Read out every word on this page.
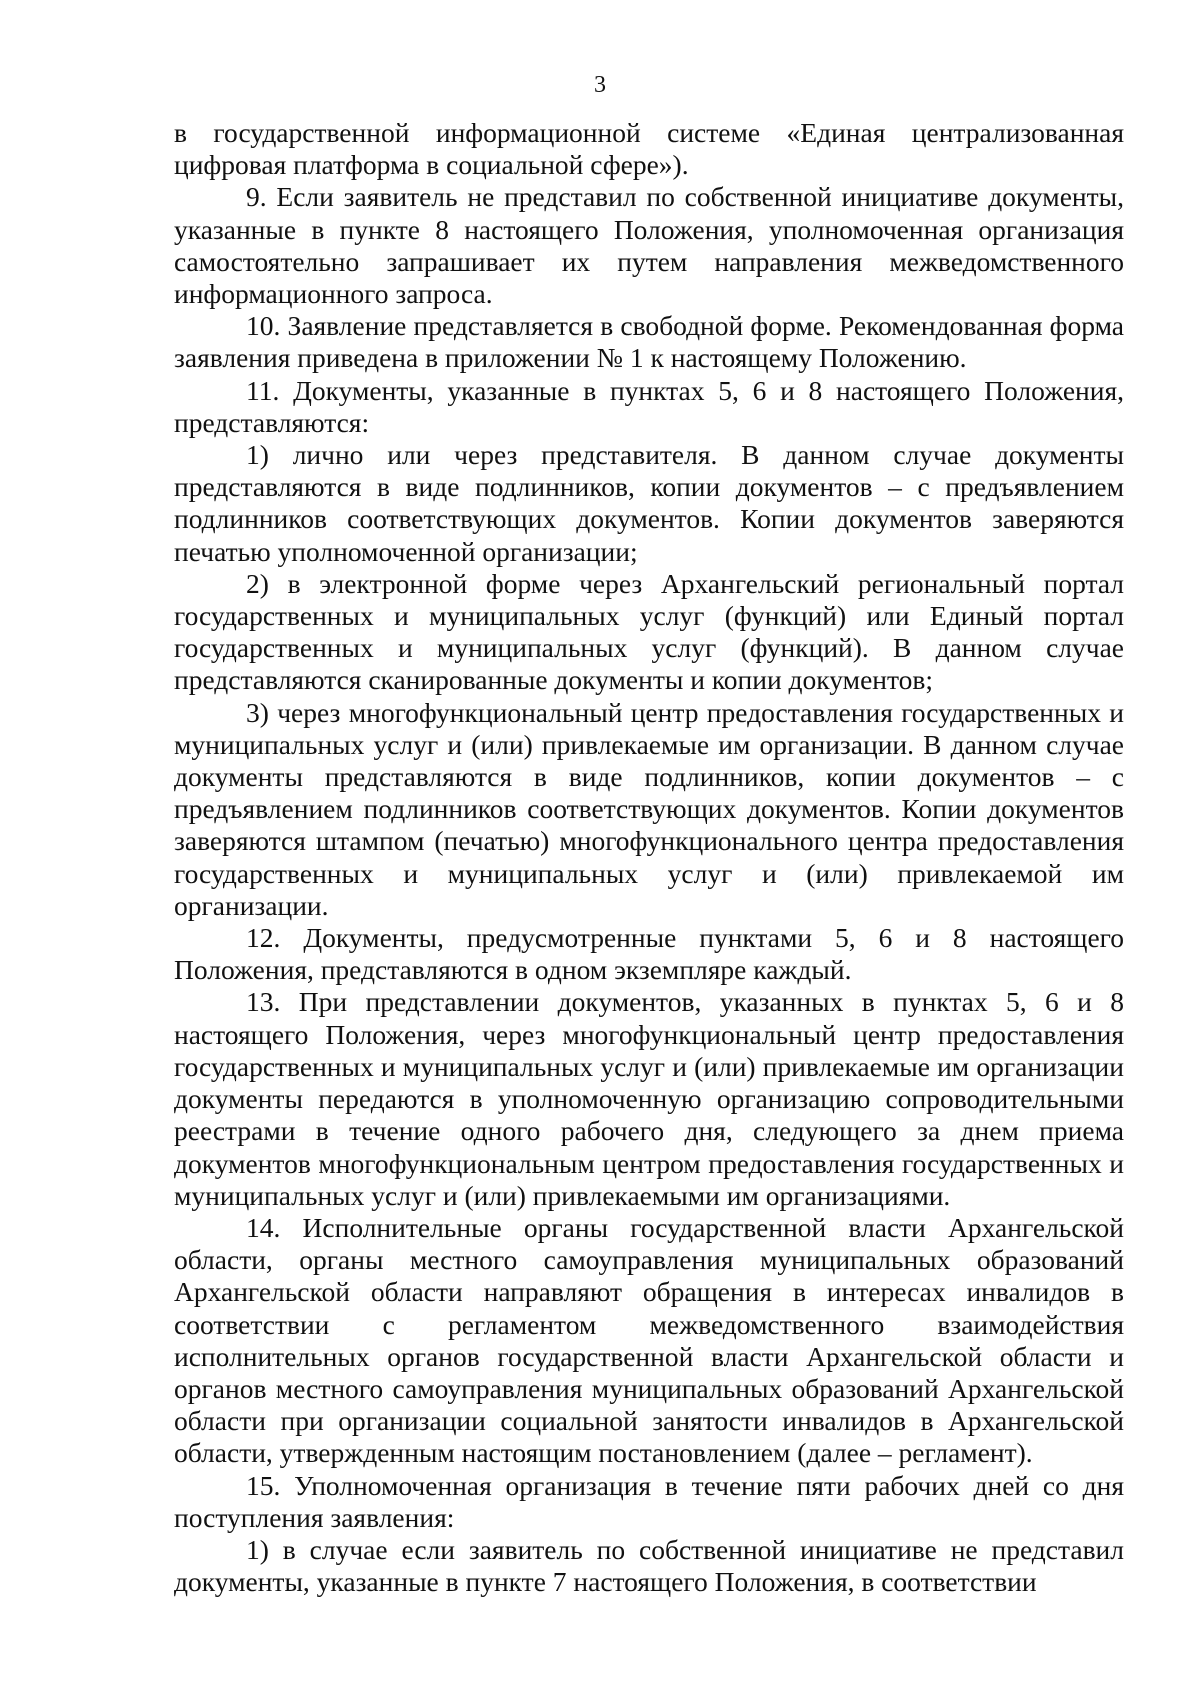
3

в государственной информационной системе «Единая централизованная цифровая платформа в социальной сфере»).

9. Если заявитель не представил по собственной инициативе документы, указанные в пункте 8 настоящего Положения, уполномоченная организация самостоятельно запрашивает их путем направления межведомственного информационного запроса.

10. Заявление представляется в свободной форме. Рекомендованная форма заявления приведена в приложении № 1 к настоящему Положению.

11. Документы, указанные в пунктах 5, 6 и 8 настоящего Положения, представляются:

1) лично или через представителя. В данном случае документы представляются в виде подлинников, копии документов – с предъявлением подлинников соответствующих документов. Копии документов заверяются печатью уполномоченной организации;

2) в электронной форме через Архангельский региональный портал государственных и муниципальных услуг (функций) или Единый портал государственных и муниципальных услуг (функций). В данном случае представляются сканированные документы и копии документов;

3) через многофункциональный центр предоставления государственных и муниципальных услуг и (или) привлекаемые им организации. В данном случае документы представляются в виде подлинников, копии документов – с предъявлением подлинников соответствующих документов. Копии документов заверяются штампом (печатью) многофункционального центра предоставления государственных и муниципальных услуг и (или) привлекаемой им организации.

12. Документы, предусмотренные пунктами 5, 6 и 8 настоящего Положения, представляются в одном экземпляре каждый.

13. При представлении документов, указанных в пунктах 5, 6 и 8 настоящего Положения, через многофункциональный центр предоставления государственных и муниципальных услуг и (или) привлекаемые им организации документы передаются в уполномоченную организацию сопроводительными реестрами в течение одного рабочего дня, следующего за днем приема документов многофункциональным центром предоставления государственных и муниципальных услуг и (или) привлекаемыми им организациями.

14. Исполнительные органы государственной власти Архангельской области, органы местного самоуправления муниципальных образований Архангельской области направляют обращения в интересах инвалидов в соответствии с регламентом межведомственного взаимодействия исполнительных органов государственной власти Архангельской области и органов местного самоуправления муниципальных образований Архангельской области при организации социальной занятости инвалидов в Архангельской области, утвержденным настоящим постановлением (далее – регламент).

15. Уполномоченная организация в течение пяти рабочих дней со дня поступления заявления:

1) в случае если заявитель по собственной инициативе не представил документы, указанные в пункте 7 настоящего Положения, в соответствии
